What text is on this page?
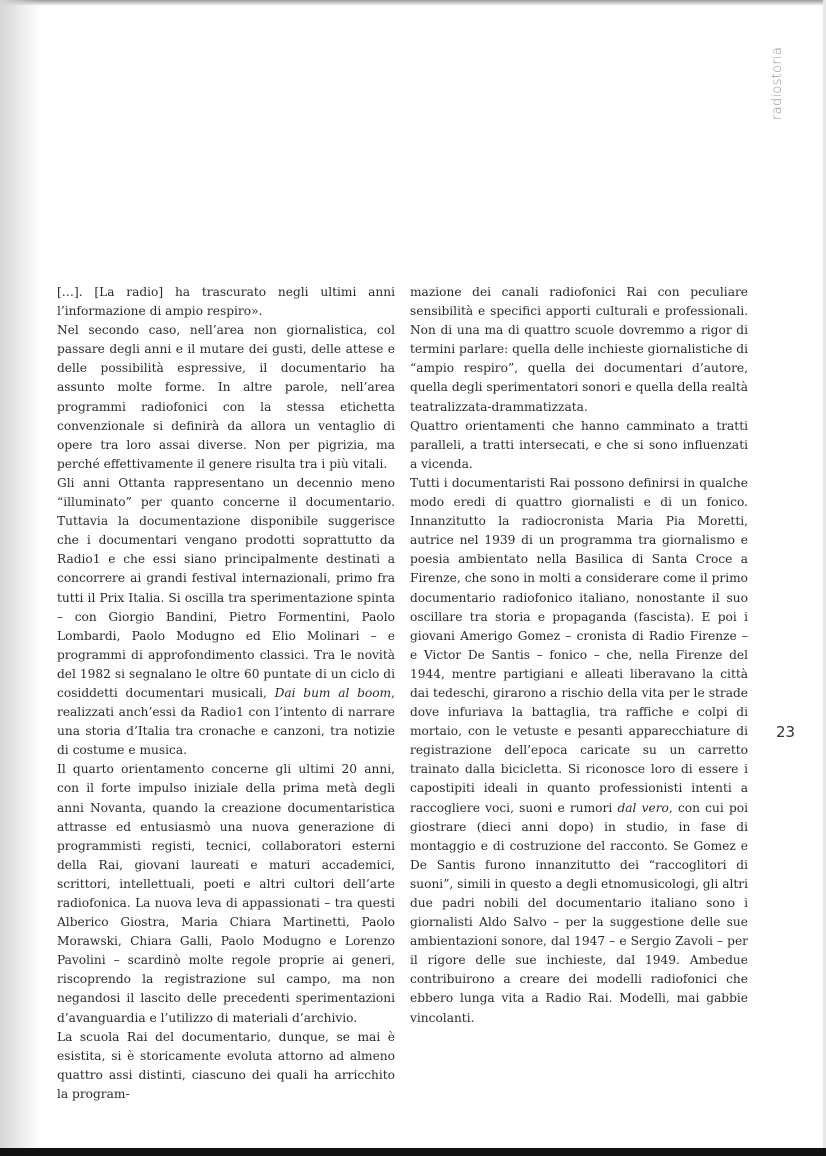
radiostoria
23

[…]. [La radio] ha trascurato negli ultimi anni l’informazione di ampio respiro».

Nel secondo caso, nell’area non giornalistica, col passare degli anni e il mutare dei gusti, delle attese e delle possibilità espressive, il documentario ha assunto molte forme. In altre parole, nell’area programmi radiofonici con la stessa etichetta convenzionale si definirà da allora un ventaglio di opere tra loro assai diverse. Non per pigrizia, ma perché effettivamente il genere risulta tra i più vitali.

Gli anni Ottanta rappresentano un decennio meno “illuminato” per quanto concerne il documentario. Tuttavia la documentazione disponibile suggerisce che i documentari vengano prodotti soprattutto da Radio1 e che essi siano principalmente destinati a concorrere ai grandi festival internazionali, primo fra tutti il Prix Italia. Si oscilla tra sperimentazione spinta – con Giorgio Bandini, Pietro Formentini, Paolo Lombardi, Paolo Modugno ed Elio Molinari – e programmi di approfondimento classici. Tra le novità del 1982 si segnalano le oltre 60 puntate di un ciclo di cosiddetti documentari musicali, Dai bum al boom, realizzati anch’essi da Radio1 con l’intento di narrare una storia d’Italia tra cronache e canzoni, tra notizie di costume e musica.

Il quarto orientamento concerne gli ultimi 20 anni, con il forte impulso iniziale della prima metà degli anni Novanta, quando la creazione documentaristica attrasse ed entusiasmò una nuova generazione di programmisti registi, tecnici, collaboratori esterni della Rai, giovani laureati e maturi accademici, scrittori, intellettuali, poeti e altri cultori dell’arte radiofonica. La nuova leva di appassionati – tra questi Alberico Giostra, Maria Chiara Martinetti, Paolo Morawski, Chiara Galli, Paolo Modugno e Lorenzo Pavolini – scardinò molte regole proprie ai generi, riscoprendo la registrazione sul campo, ma non negandosi il lascito delle precedenti sperimentazioni d’avanguardia e l’utilizzo di materiali d’archivio.

La scuola Rai del documentario, dunque, se mai è esistita, si è storicamente evoluta attorno ad almeno quattro assi distinti, ciascuno dei quali ha arricchito la program-

mazione dei canali radiofonici Rai con peculiare sensibilità e specifici apporti culturali e professionali. Non di una ma di quattro scuole dovremmo a rigor di termini parlare: quella delle inchieste giornalistiche di “ampio respiro”, quella dei documentari d’autore, quella degli sperimentatori sonori e quella della realtà teatralizzata-drammatizzata.

Quattro orientamenti che hanno camminato a tratti paralleli, a tratti intersecati, e che si sono influenzati a vicenda.

Tutti i documentaristi Rai possono definirsi in qualche modo eredi di quattro giornalisti e di un fonico. Innanzitutto la radiocronista Maria Pia Moretti, autrice nel 1939 di un programma tra giornalismo e poesia ambientato nella Basilica di Santa Croce a Firenze, che sono in molti a considerare come il primo documentario radiofonico italiano, nonostante il suo oscillare tra storia e propaganda (fascista). E poi i giovani Amerigo Gomez – cronista di Radio Firenze – e Victor De Santis – fonico – che, nella Firenze del 1944, mentre partigiani e alleati liberavano la città dai tedeschi, girarono a rischio della vita per le strade dove infuriava la battaglia, tra raffiche e colpi di mortaio, con le vetuste e pesanti apparecchiature di registrazione dell’epoca caricate su un carretto trainato dalla bicicletta. Si riconosce loro di essere i capostipiti ideali in quanto professionisti intenti a raccogliere voci, suoni e rumori dal vero, con cui poi giostrare (dieci anni dopo) in studio, in fase di montaggio e di costruzione del racconto. Se Gomez e De Santis furono innanzitutto dei “raccoglitori di suoni”, simili in questo a degli etnomusicologi, gli altri due padri nobili del documentario italiano sono i giornalisti Aldo Salvo – per la suggestione delle sue ambientazioni sonore, dal 1947 – e Sergio Zavoli – per il rigore delle sue inchieste, dal 1949. Ambedue contribuirono a creare dei modelli radiofonici che ebbero lunga vita a Radio Rai. Modelli, mai gabbie vincolanti.
